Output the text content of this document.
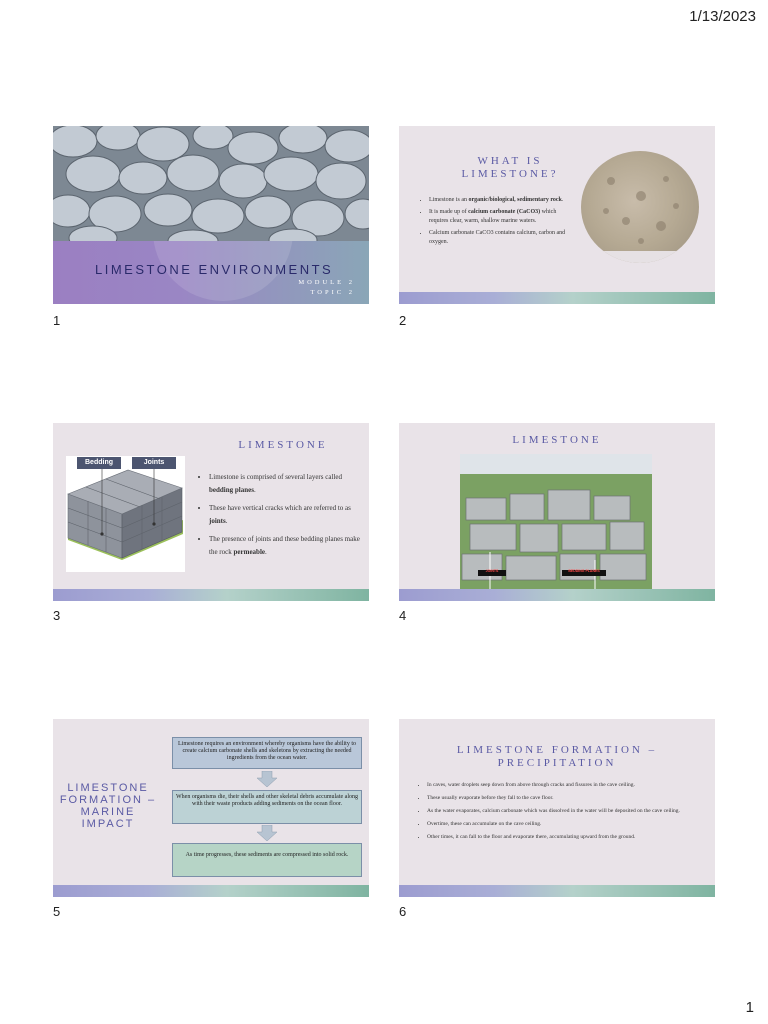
1/13/2023
LIMESTONE ENVIRONMENTS
MODULE 2
TOPIC 2
1
WHAT IS LIMESTONE?
• Limestone is an organic/biological, sedimentary rock.
• It is made up of calcium carbonate (CaCO3) which requires clear, warm, shallow marine waters.
• Calcium carbonate CaCO3 contains calcium, carbon and oxygen.
2
Bedding	Joints
LIMESTONE
• Limestone is comprised of several layers called bedding planes.
• These have vertical cracks which are referred to as joints.
• The presence of joints and these bedding planes make the rock permeable.
3
LIMESTONE
JOINTS	BEDDING PLANES
4
LIMESTONE FORMATION – MARINE IMPACT
Limestone requires an environment whereby organisms have the ability to create calcium carbonate shells and skeletons by extracting the needed ingredients from the ocean water.
When organisms die, their shells and other skeletal debris accumulate along with their waste products adding sediments on the ocean floor.
As time progresses, these sediments are compressed into solid rock.
5
LIMESTONE FORMATION – PRECIPITATION
• In caves, water droplets seep down from above through cracks and fissures in the cave ceiling.
• These usually evaporate before they fall to the cave floor.
• As the water evaporates, calcium carbonate which was dissolved in the water will be deposited on the cave ceiling.
• Overtime, these can accumulate on the cave ceiling.
• Other times, it can fall to the floor and evaporate there, accumulating upward from the ground.
6
1
